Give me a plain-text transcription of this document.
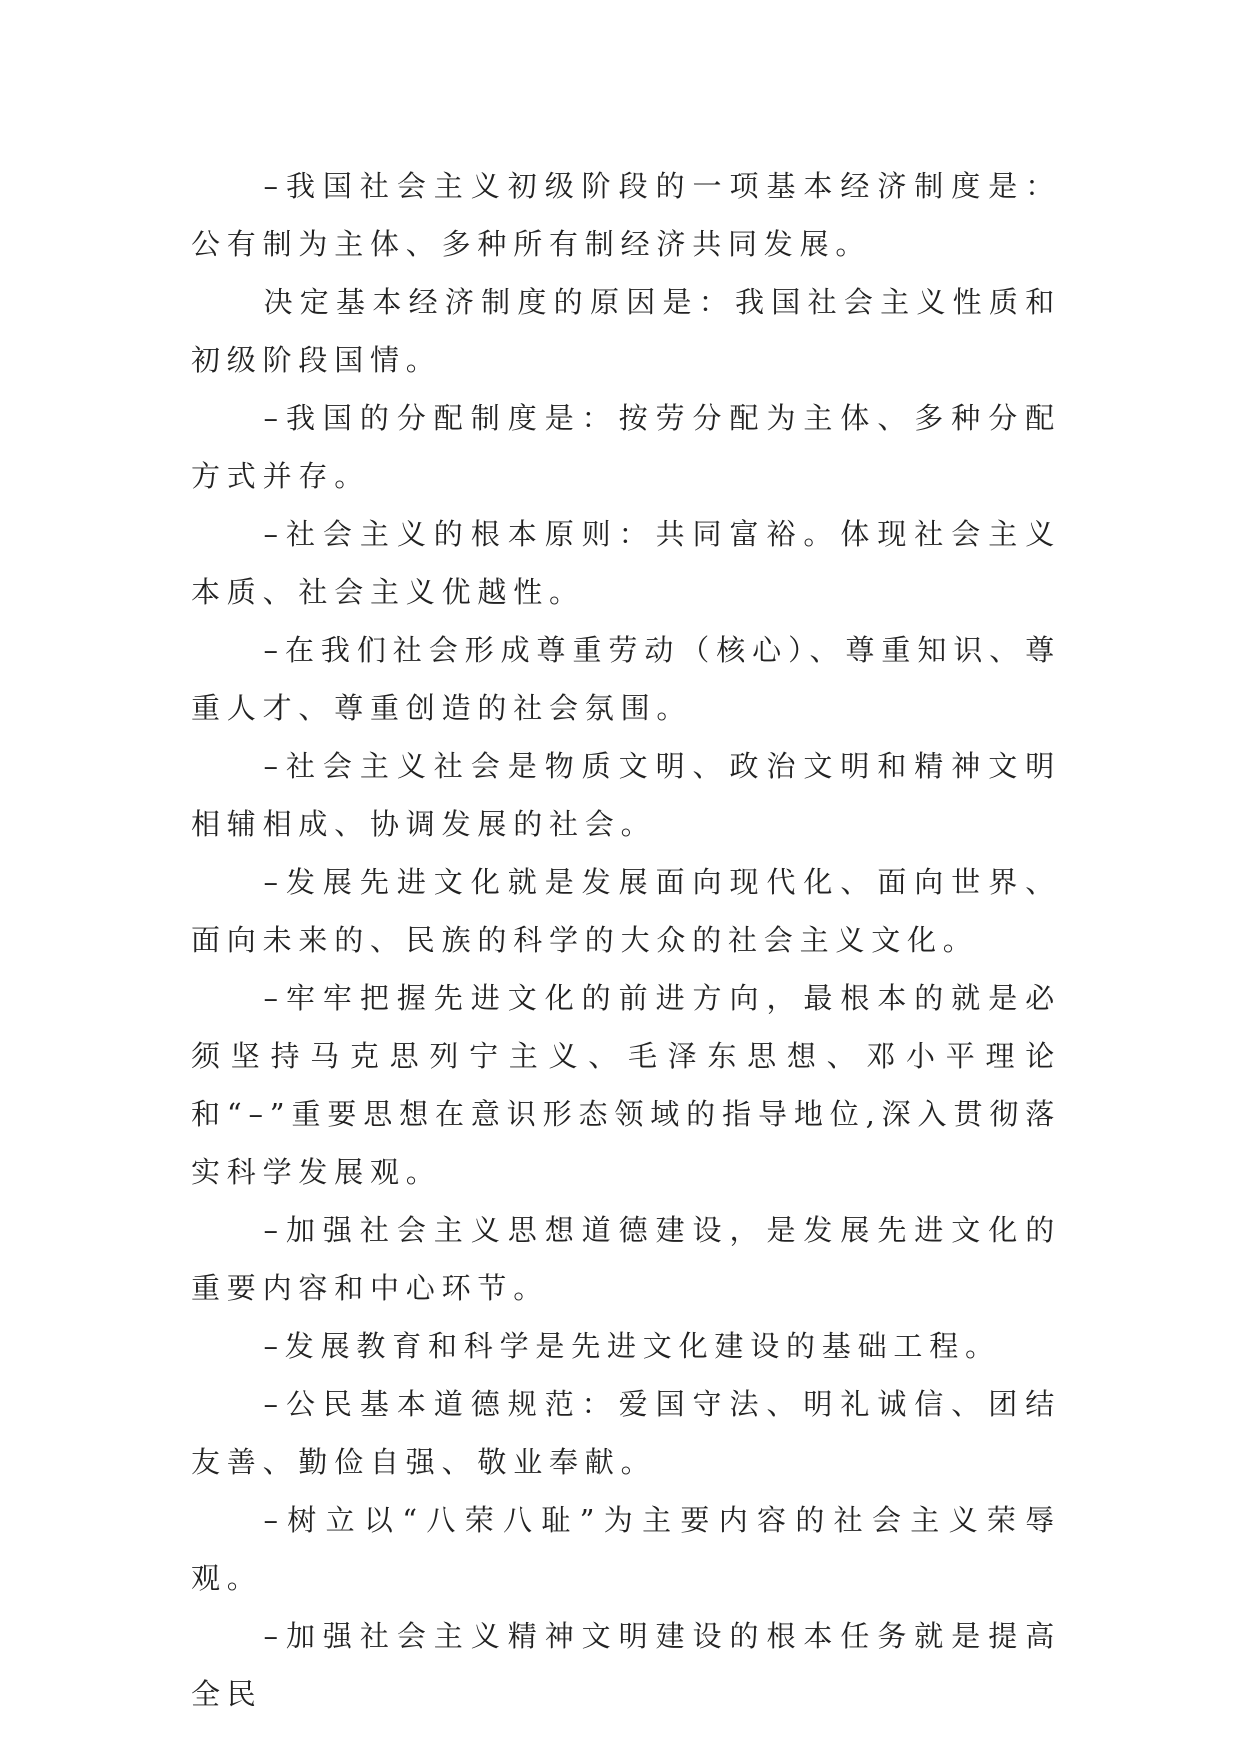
–我国社会主义初级阶段的一项基本经济制度是：公有制为主体、多种所有制经济共同发展。

决定基本经济制度的原因是：我国社会主义性质和初级阶段国情。

–我国的分配制度是：按劳分配为主体、多种分配方式并存。

–社会主义的根本原则：共同富裕。体现社会主义本质、社会主义优越性。

–在我们社会形成尊重劳动（核心）、尊重知识、尊重人才、尊重创造的社会氛围。

–社会主义社会是物质文明、政治文明和精神文明相辅相成、协调发展的社会。

–发展先进文化就是发展面向现代化、面向世界、面向未来的、民族的科学的大众的社会主义文化。

–牢牢把握先进文化的前进方向，最根本的就是必须坚持马克思列宁主义、毛泽东思想、邓小平理论和“–”重要思想在意识形态领域的指导地位,深入贯彻落实科学发展观。

–加强社会主义思想道德建设，是发展先进文化的重要内容和中心环节。

–发展教育和科学是先进文化建设的基础工程。

–公民基本道德规范：爱国守法、明礼诚信、团结友善、勤俭自强、敬业奉献。

–树立以“八荣八耻”为主要内容的社会主义荣辱观。

–加强社会主义精神文明建设的根本任务就是提高全民
